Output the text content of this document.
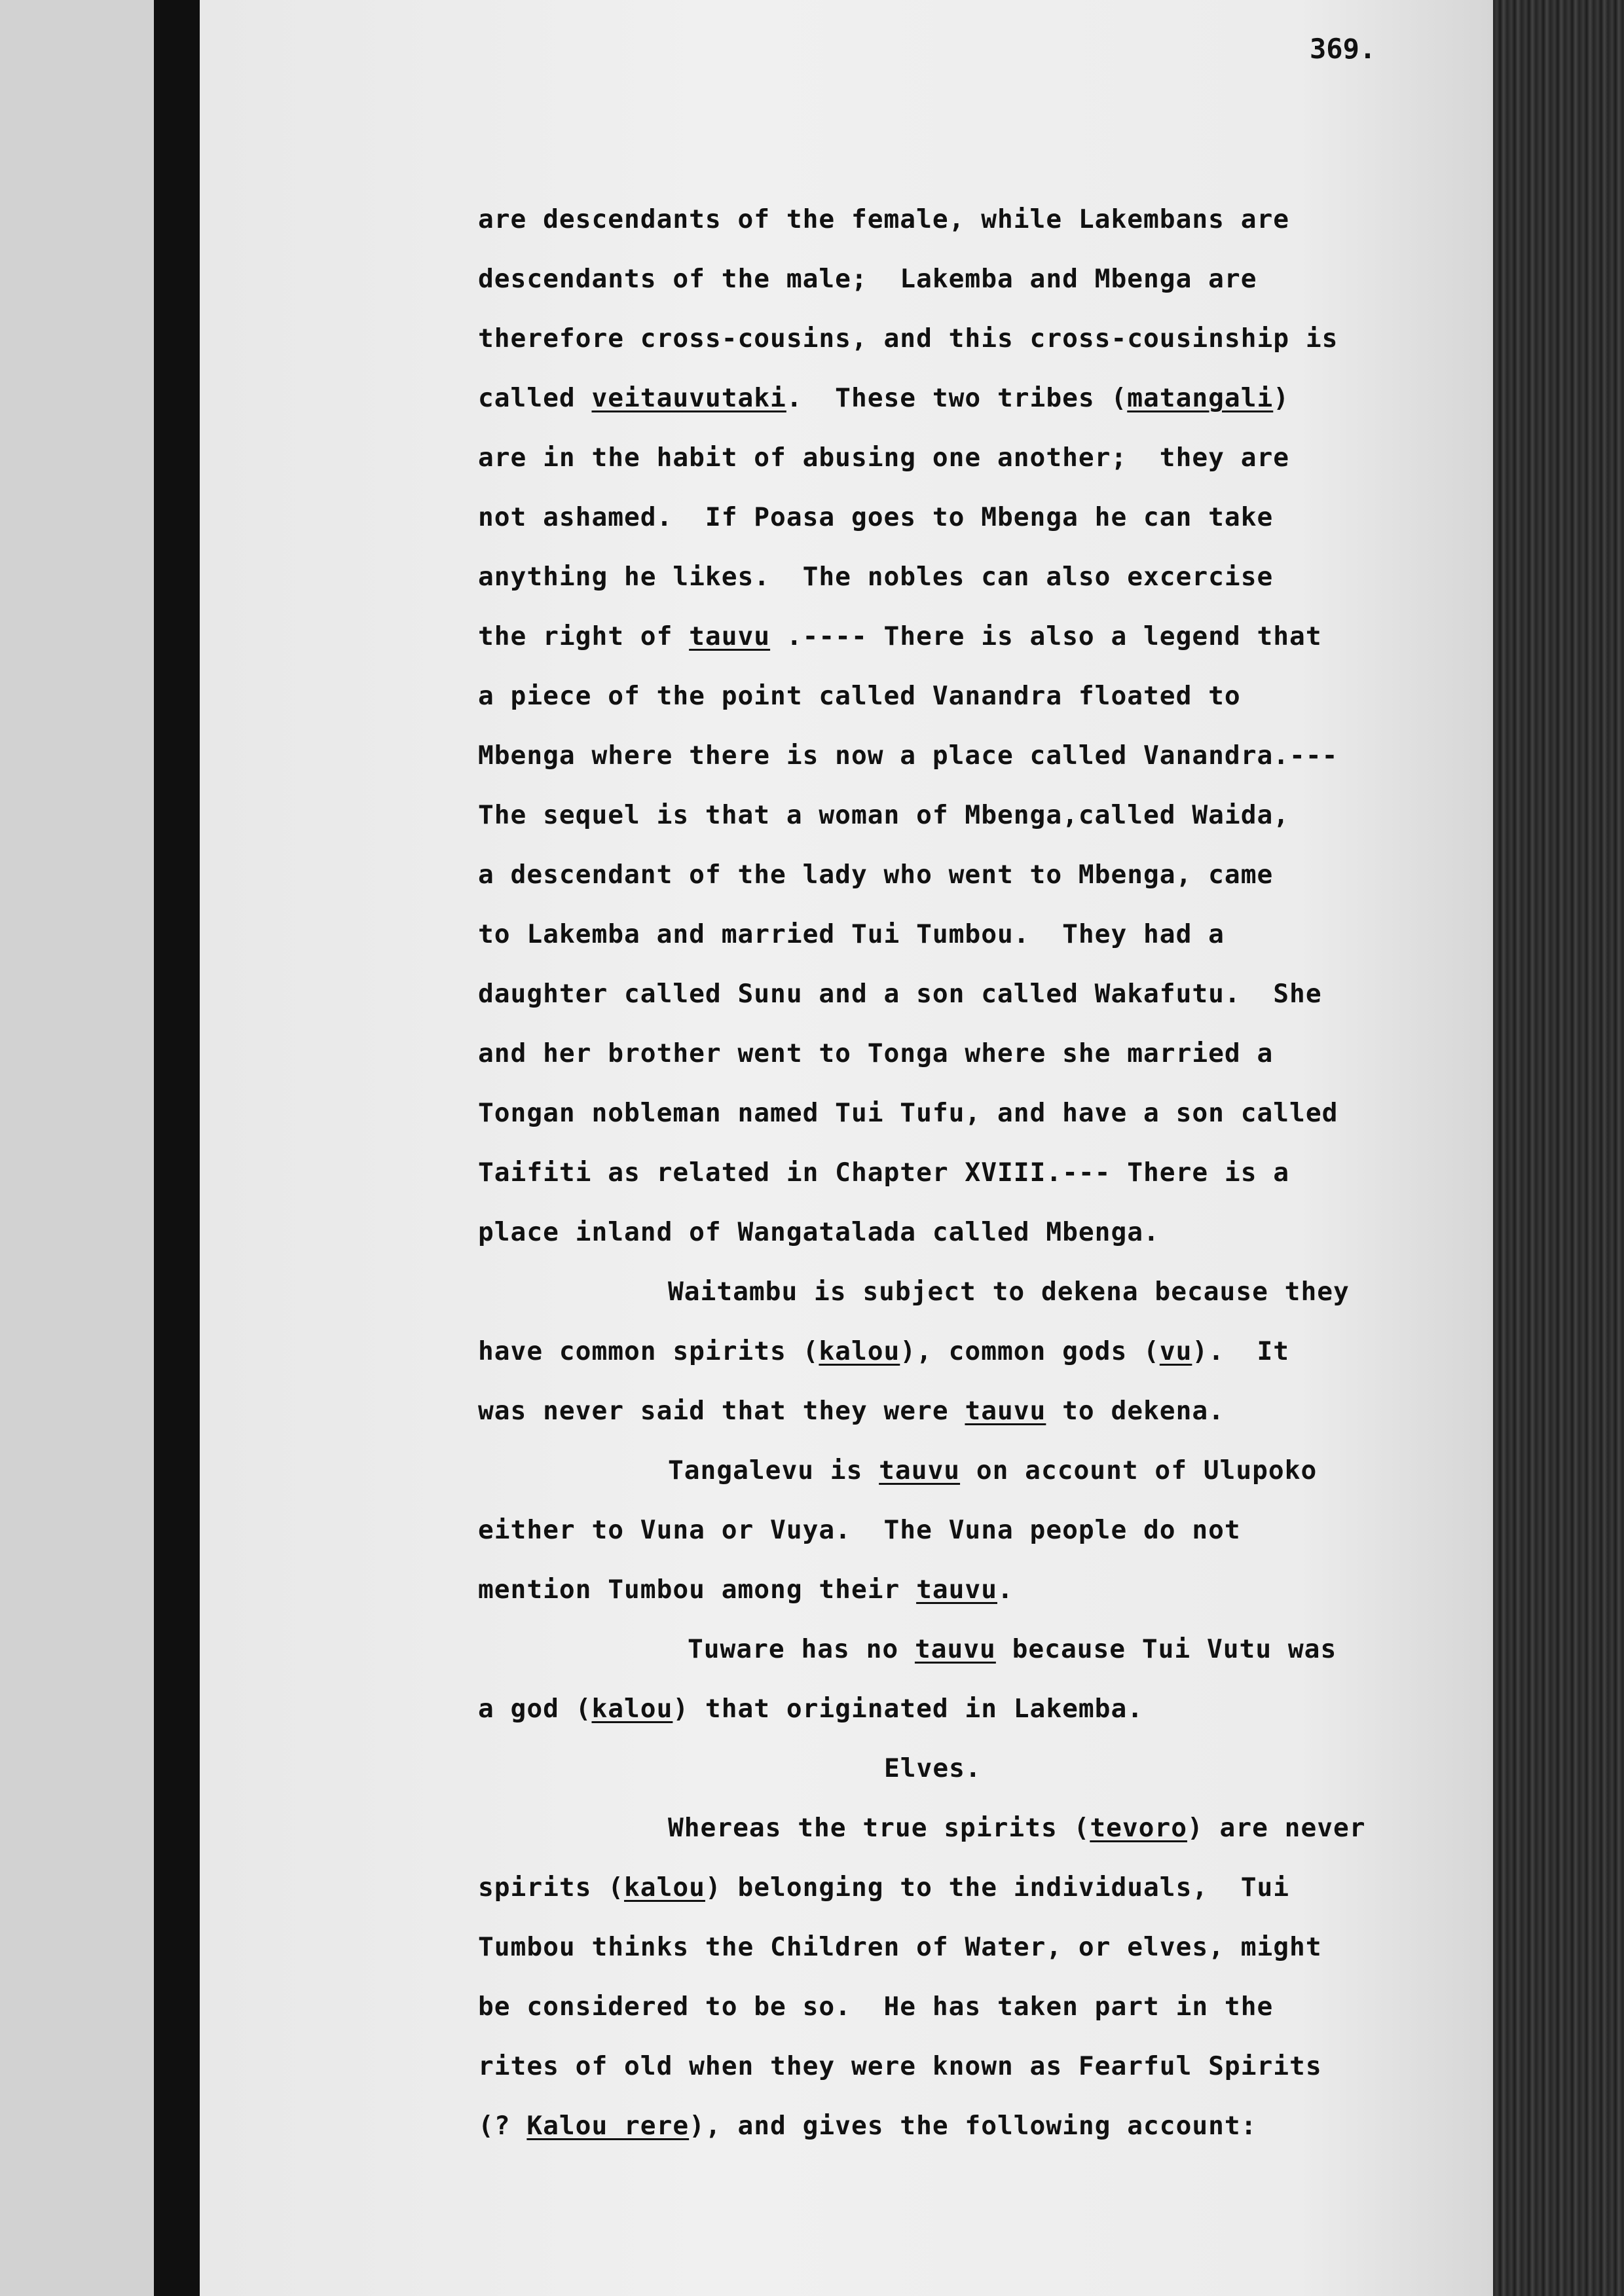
369.
are descendants of the female, while Lakembans are
descendants of the male;  Lakemba and Mbenga are
therefore cross-cousins, and this cross-cousinship is
called veitauvutaki.  These two tribes (matangali)
are in the habit of abusing one another;  they are
not ashamed.  If Poasa goes to Mbenga he can take
anything he likes.  The nobles can also excercise
the right of tauvu .---- There is also a legend that
a piece of the point called Vanandra floated to
Mbenga where there is now a place called Vanandra.---
The sequel is that a woman of Mbenga,called Waida,
a descendant of the lady who went to Mbenga, came
to Lakemba and married Tui Tumbou.  They had a
daughter called Sunu and a son called Wakafutu.  She
and her brother went to Tonga where she married a
Tongan nobleman named Tui Tufu, and have a son called
Taifiti as related in Chapter XVIII.--- There is a
place inland of Wangatalada called Mbenga.
Waitambu is subject to dekena because they
have common spirits (kalou), common gods (vu).  It
was never said that they were tauvu to dekena.
Tangalevu is tauvu on account of Ulupoko
either to Vuna or Vuya.  The Vuna people do not
mention Tumbou among their tauvu.
Tuware has no tauvu because Tui Vutu was
a god (kalou) that originated in Lakemba.
Elves.
Whereas the true spirits (tevoro) are never
spirits (kalou) belonging to the individuals,  Tui
Tumbou thinks the Children of Water, or elves, might
be considered to be so.  He has taken part in the
rites of old when they were known as Fearful Spirits
(? Kalou rere), and gives the following account:
